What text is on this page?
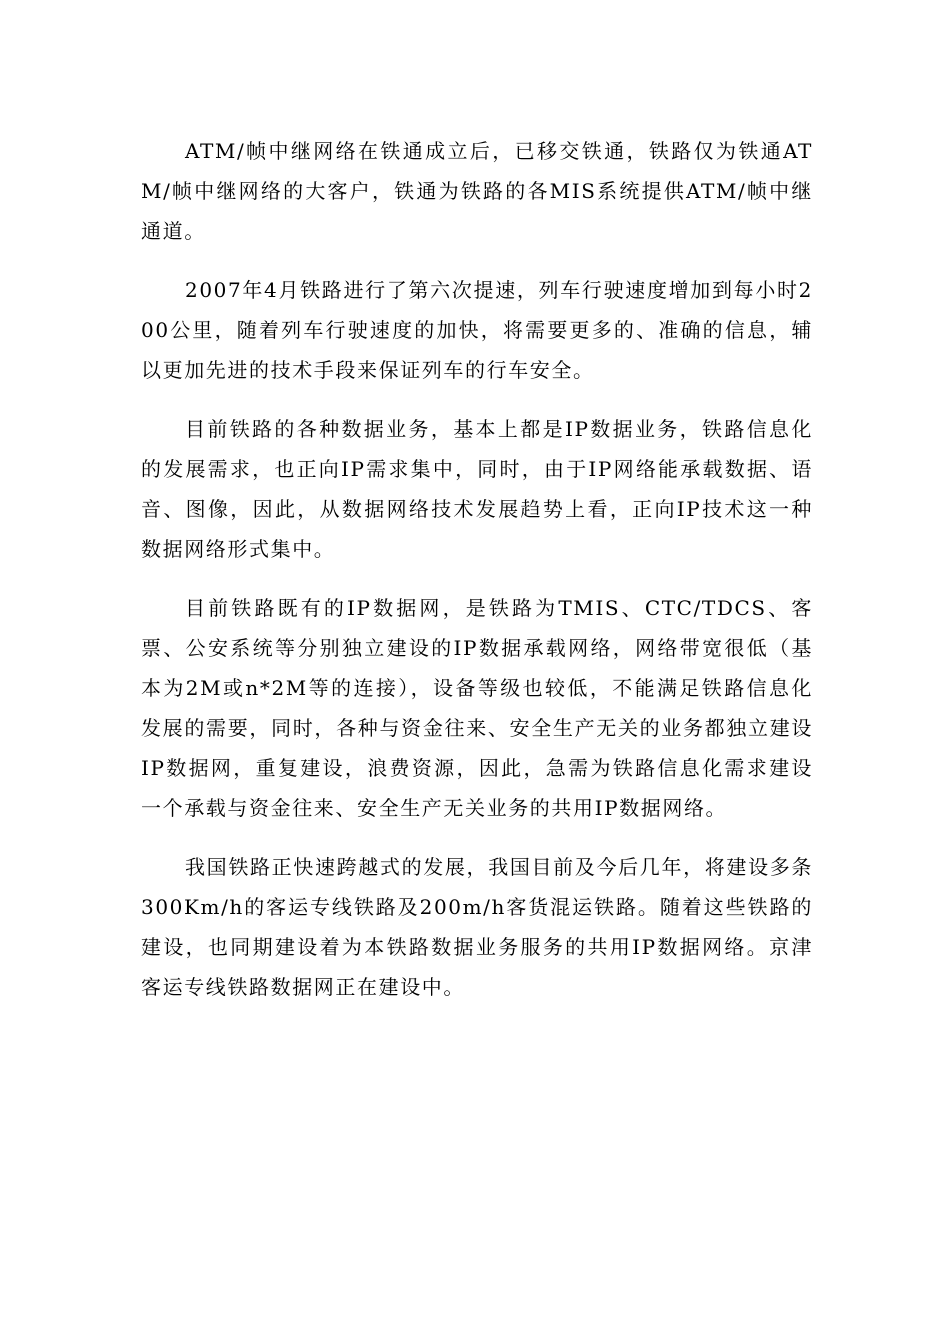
ATM/帧中继网络在铁通成立后，已移交铁通，铁路仅为铁通ATM/帧中继网络的大客户，铁通为铁路的各MIS系统提供ATM/帧中继通道。

2007年4月铁路进行了第六次提速，列车行驶速度增加到每小时200公里，随着列车行驶速度的加快，将需要更多的、准确的信息，辅以更加先进的技术手段来保证列车的行车安全。

目前铁路的各种数据业务，基本上都是IP数据业务，铁路信息化的发展需求，也正向IP需求集中，同时，由于IP网络能承载数据、语音、图像，因此，从数据网络技术发展趋势上看，正向IP技术这一种数据网络形式集中。

目前铁路既有的IP数据网，是铁路为TMIS、CTC/TDCS、客票、公安系统等分别独立建设的IP数据承载网络，网络带宽很低（基本为2M或n*2M等的连接），设备等级也较低，不能满足铁路信息化发展的需要，同时，各种与资金往来、安全生产无关的业务都独立建设IP数据网，重复建设，浪费资源，因此，急需为铁路信息化需求建设一个承载与资金往来、安全生产无关业务的共用IP数据网络。

我国铁路正快速跨越式的发展，我国目前及今后几年，将建设多条300Km/h的客运专线铁路及200m/h客货混运铁路。随着这些铁路的建设，也同期建设着为本铁路数据业务服务的共用IP数据网络。京津客运专线铁路数据网正在建设中。
